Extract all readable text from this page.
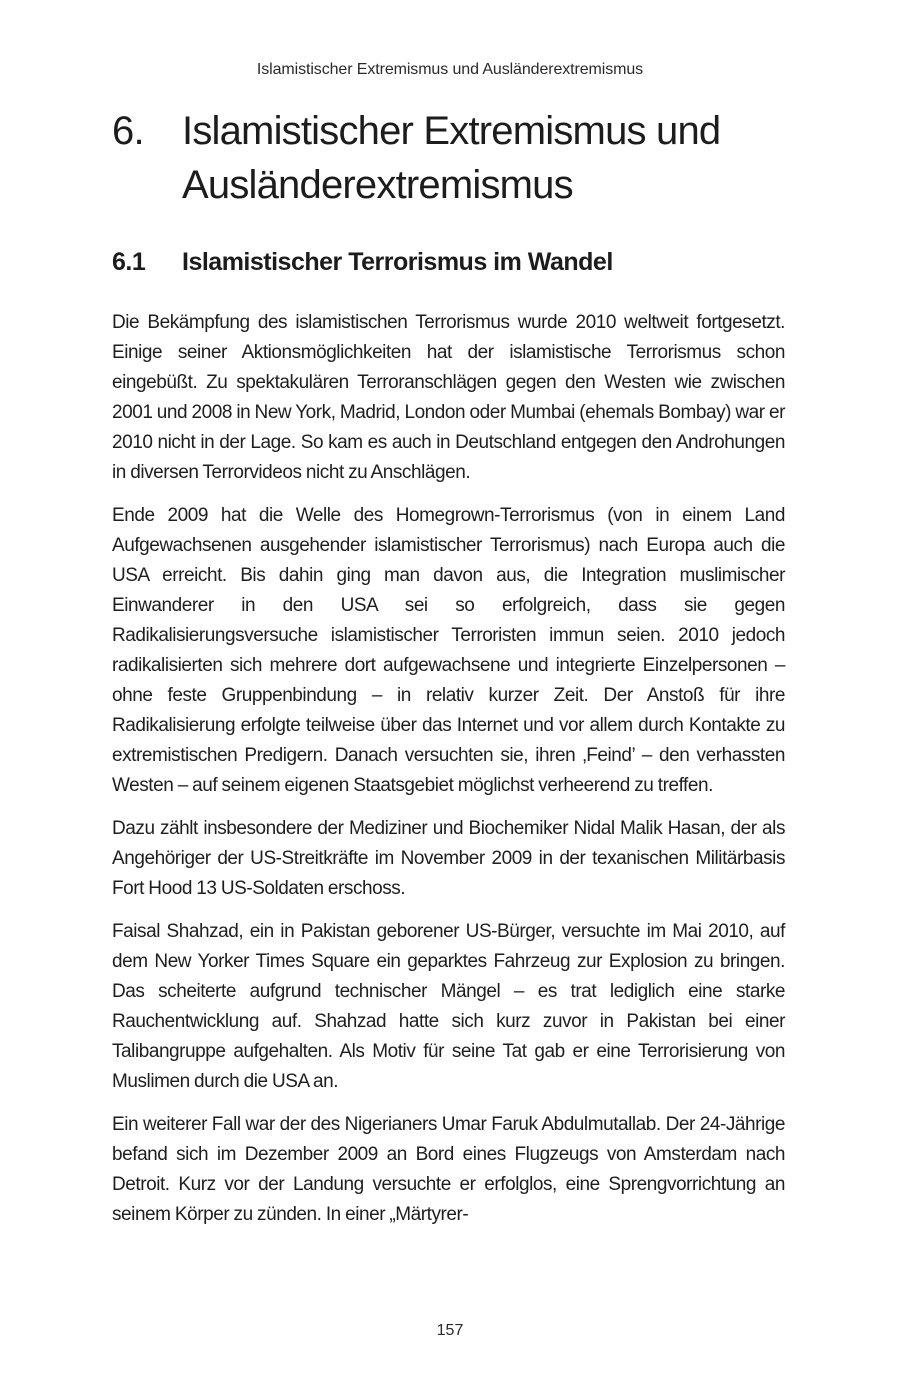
Islamistischer Extremismus und Ausländerextremismus
6. Islamistischer Extremismus und Ausländerextremismus
6.1	Islamistischer Terrorismus im Wandel

Die Bekämpfung des islamistischen Terrorismus wurde 2010 weltweit fortgesetzt. Einige seiner Aktionsmöglichkeiten hat der islamistische Terrorismus schon eingebüßt. Zu spektakulären Terroranschlägen gegen den Westen wie zwischen 2001 und 2008 in New York, Madrid, London oder Mumbai (ehemals Bombay) war er 2010 nicht in der Lage. So kam es auch in Deutschland entgegen den Androhungen in diversen Terrorvideos nicht zu Anschlägen.

Ende 2009 hat die Welle des Homegrown-Terrorismus (von in einem Land Aufgewachsenen ausgehender islamistischer Terrorismus) nach Europa auch die USA erreicht. Bis dahin ging man davon aus, die Integration muslimischer Einwanderer in den USA sei so erfolgreich, dass sie gegen Radikalisierungsversuche islamistischer Terroristen immun seien. 2010 jedoch radikalisierten sich mehrere dort aufgewachsene und integrierte Einzelpersonen – ohne feste Gruppenbindung – in relativ kurzer Zeit. Der Anstoß für ihre Radikalisierung erfolgte teilweise über das Internet und vor allem durch Kontakte zu extremistischen Predigern. Danach versuchten sie, ihren ‚Feind’ – den verhassten Westen – auf seinem eigenen Staatsgebiet möglichst verheerend zu treffen.

Dazu zählt insbesondere der Mediziner und Biochemiker Nidal Malik Hasan, der als Angehöriger der US-Streitkräfte im November 2009 in der texanischen Militärbasis Fort Hood 13 US-Soldaten erschoss.

Faisal Shahzad, ein in Pakistan geborener US-Bürger, versuchte im Mai 2010, auf dem New Yorker Times Square ein geparktes Fahrzeug zur Explosion zu bringen. Das scheiterte aufgrund technischer Mängel – es trat lediglich eine starke Rauchentwicklung auf. Shahzad hatte sich kurz zuvor in Pakistan bei einer Talibangruppe aufgehalten. Als Motiv für seine Tat gab er eine Terrorisierung von Muslimen durch die USA an.

Ein weiterer Fall war der des Nigerianers Umar Faruk Abdulmutallab. Der 24-Jährige befand sich im Dezember 2009 an Bord eines Flugzeugs von Amsterdam nach Detroit. Kurz vor der Landung versuchte er erfolglos, eine Sprengvorrichtung an seinem Körper zu zünden. In einer „Märtyrer-

157
